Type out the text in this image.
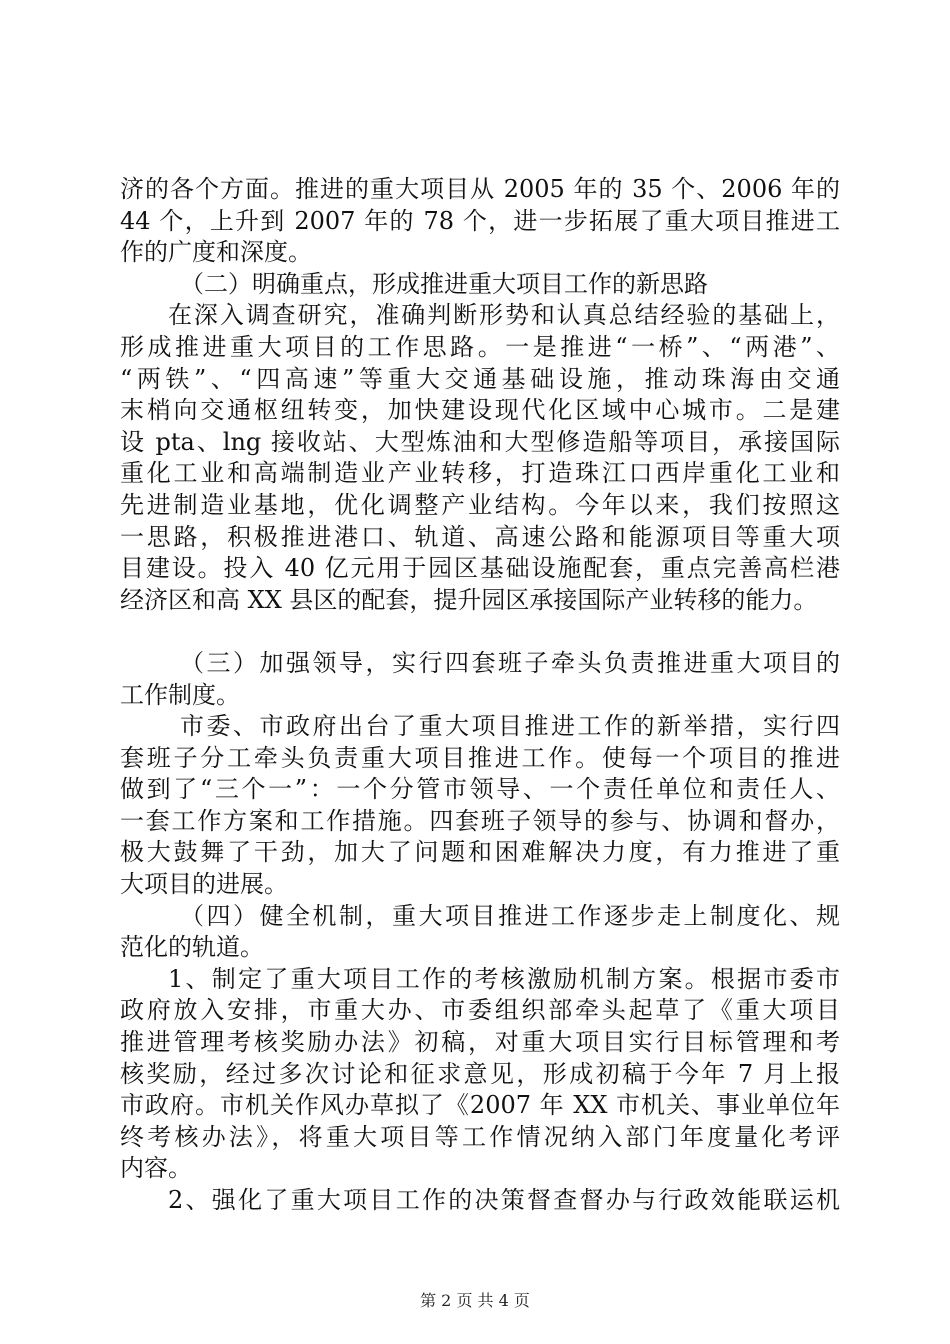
济的各个方面。推进的重大项目从 2005 年的 35 个、2006 年的
44 个，上升到 2007 年的 78 个，进一步拓展了重大项目推进工
作的广度和深度。
（二）明确重点，形成推进重大项目工作的新思路
在深入调查研究，准确判断形势和认真总结经验的基础上，
形成推进重大项目的工作思路。一是推进“一桥”、“两港”、
“两铁”、“四高速”等重大交通基础设施，推动珠海由交通
末梢向交通枢纽转变，加快建设现代化区域中心城市。二是建
设 pta、lng 接收站、大型炼油和大型修造船等项目，承接国际
重化工业和高端制造业产业转移，打造珠江口西岸重化工业和
先进制造业基地，优化调整产业结构。今年以来，我们按照这
一思路，积极推进港口、轨道、高速公路和能源项目等重大项
目建设。投入 40 亿元用于园区基础设施配套，重点完善高栏港
经济区和高 XX 县区的配套，提升园区承接国际产业转移的能力。
（三）加强领导，实行四套班子牵头负责推进重大项目的
工作制度。
市委、市政府出台了重大项目推进工作的新举措，实行四
套班子分工牵头负责重大项目推进工作。使每一个项目的推进
做到了“三个一”：一个分管市领导、一个责任单位和责任人、
一套工作方案和工作措施。四套班子领导的参与、协调和督办，
极大鼓舞了干劲，加大了问题和困难解决力度，有力推进了重
大项目的进展。
（四）健全机制，重大项目推进工作逐步走上制度化、规
范化的轨道。
1、制定了重大项目工作的考核激励机制方案。根据市委市
政府放入安排，市重大办、市委组织部牵头起草了《重大项目
推进管理考核奖励办法》初稿，对重大项目实行目标管理和考
核奖励，经过多次讨论和征求意见，形成初稿于今年 7 月上报
市政府。市机关作风办草拟了《2007 年 XX 市机关、事业单位年
终考核办法》，将重大项目等工作情况纳入部门年度量化考评
内容。
2、强化了重大项目工作的决策督查督办与行政效能联运机
第 2 页 共 4 页
